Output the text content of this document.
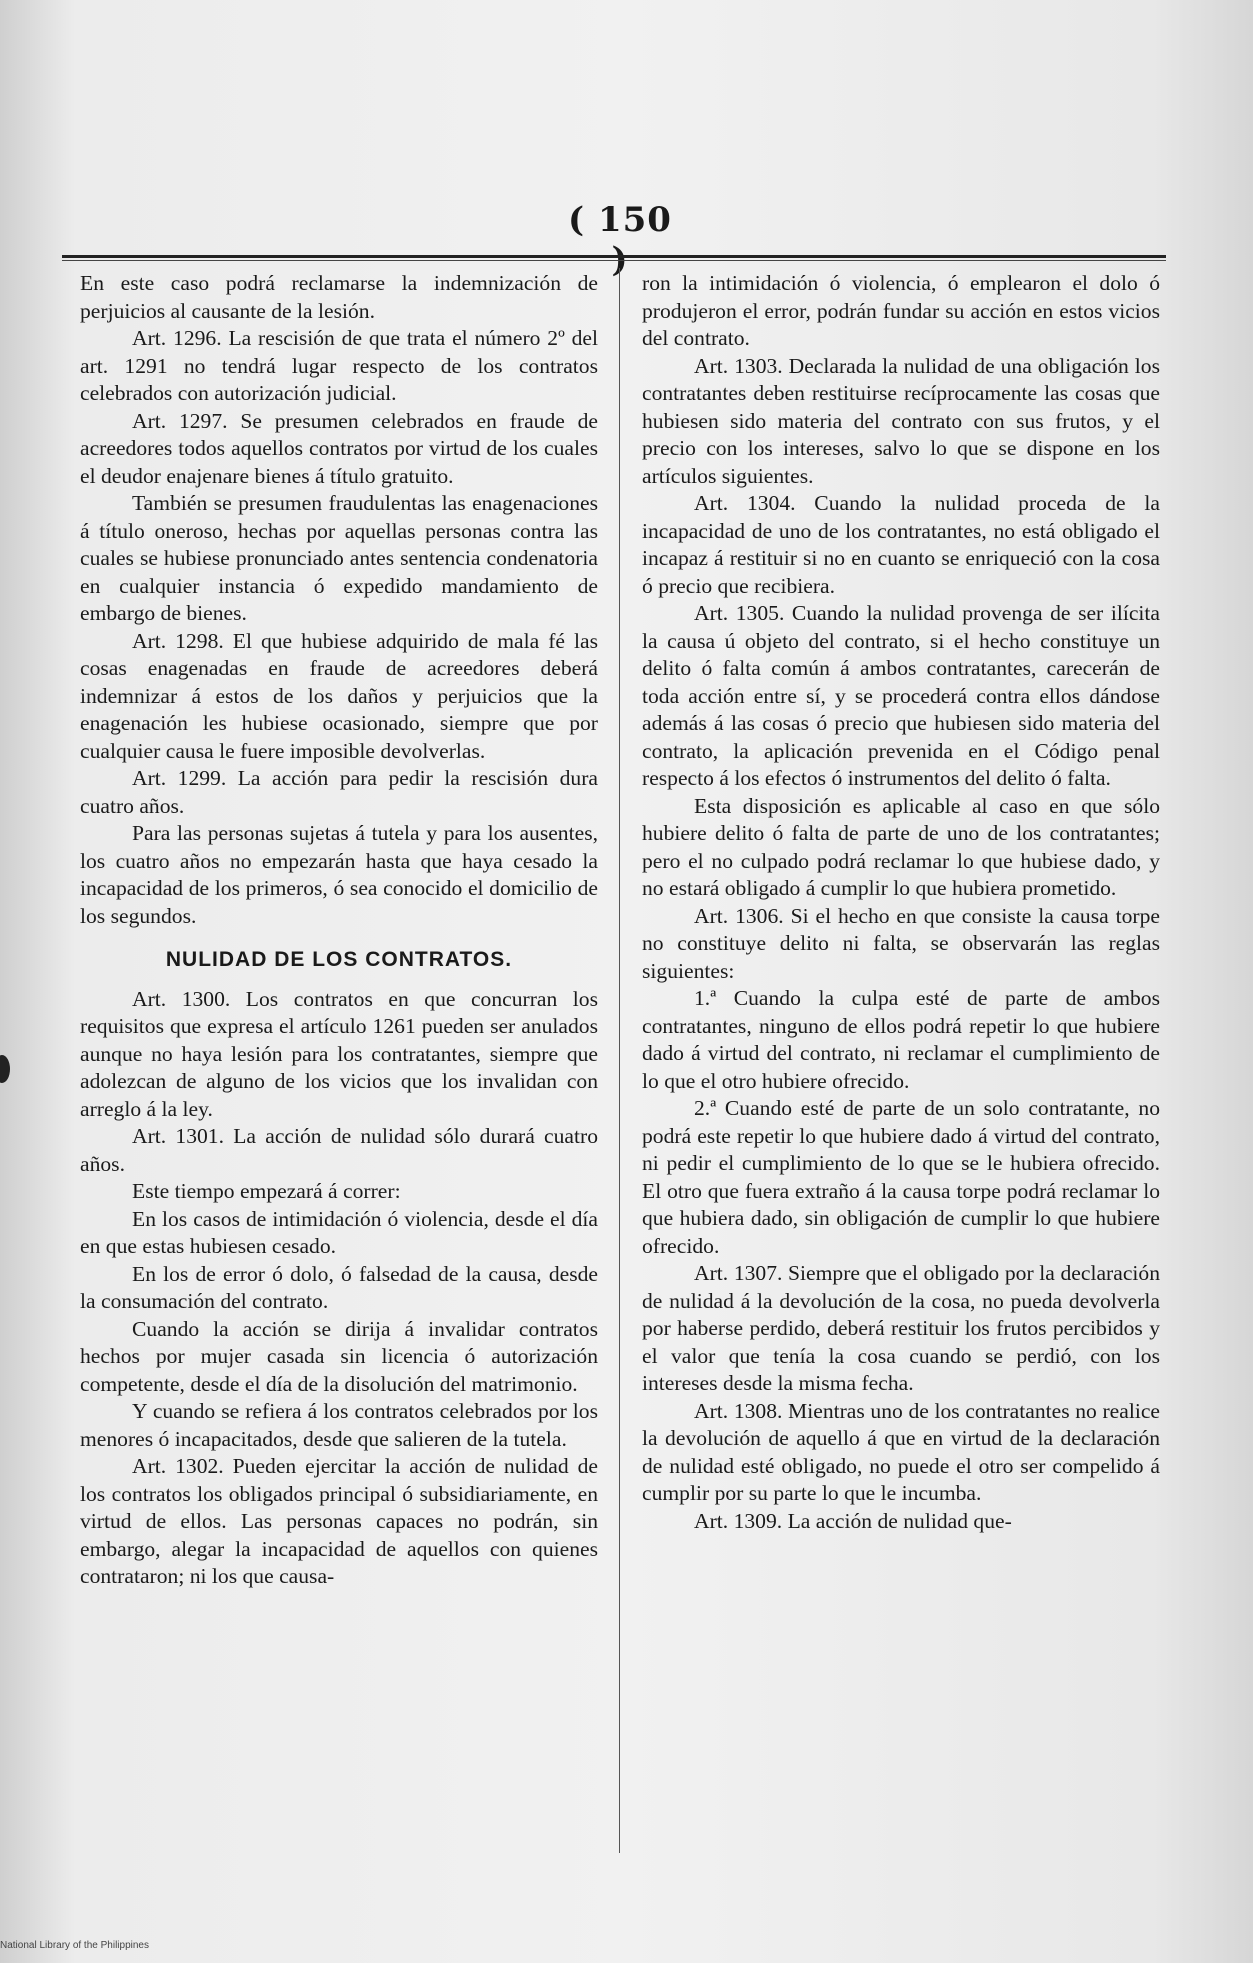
( 150 )

En este caso podrá reclamarse la indemnización de perjuicios al causante de la lesión.

Art. 1296. La rescisión de que trata el número 2º del art. 1291 no tendrá lugar respecto de los contratos celebrados con autorización judicial.

Art. 1297. Se presumen celebrados en fraude de acreedores todos aquellos contratos por virtud de los cuales el deudor enajenare bienes á título gratuito.

También se presumen fraudulentas las enagenaciones á título oneroso, hechas por aquellas personas contra las cuales se hubiese pronunciado antes sentencia condenatoria en cualquier instancia ó expedido mandamiento de embargo de bienes.

Art. 1298. El que hubiese adquirido de mala fé las cosas enagenadas en fraude de acreedores deberá indemnizar á estos de los daños y perjuicios que la enagenación les hubiese ocasionado, siempre que por cualquier causa le fuere imposible devolverlas.

Art. 1299. La acción para pedir la rescisión dura cuatro años.

Para las personas sujetas á tutela y para los ausentes, los cuatro años no empezarán hasta que haya cesado la incapacidad de los primeros, ó sea conocido el domicilio de los segundos.

NULIDAD DE LOS CONTRATOS.

Art. 1300. Los contratos en que concurran los requisitos que expresa el artículo 1261 pueden ser anulados aunque no haya lesión para los contratantes, siempre que adolezcan de alguno de los vicios que los invalidan con arreglo á la ley.

Art. 1301. La acción de nulidad sólo durará cuatro años.

Este tiempo empezará á correr:

En los casos de intimidación ó violencia, desde el día en que estas hubiesen cesado.

En los de error ó dolo, ó falsedad de la causa, desde la consumación del contrato.

Cuando la acción se dirija á invalidar contratos hechos por mujer casada sin licencia ó autorización competente, desde el día de la disolución del matrimonio.

Y cuando se refiera á los contratos celebrados por los menores ó incapacitados, desde que salieren de la tutela.

Art. 1302. Pueden ejercitar la acción de nulidad de los contratos los obligados principal ó subsidiariamente, en virtud de ellos. Las personas capaces no podrán, sin embargo, alegar la incapacidad de aquellos con quienes contrataron; ni los que causa-

ron la intimidación ó violencia, ó emplearon el dolo ó produjeron el error, podrán fundar su acción en estos vicios del contrato.

Art. 1303. Declarada la nulidad de una obligación los contratantes deben restituirse recíprocamente las cosas que hubiesen sido materia del contrato con sus frutos, y el precio con los intereses, salvo lo que se dispone en los artículos siguientes.

Art. 1304. Cuando la nulidad proceda de la incapacidad de uno de los contratantes, no está obligado el incapaz á restituir si no en cuanto se enriqueció con la cosa ó precio que recibiera.

Art. 1305. Cuando la nulidad provenga de ser ilícita la causa ú objeto del contrato, si el hecho constituye un delito ó falta común á ambos contratantes, carecerán de toda acción entre sí, y se procederá contra ellos dándose además á las cosas ó precio que hubiesen sido materia del contrato, la aplicación prevenida en el Código penal respecto á los efectos ó instrumentos del delito ó falta.

Esta disposición es aplicable al caso en que sólo hubiere delito ó falta de parte de uno de los contratantes; pero el no culpado podrá reclamar lo que hubiese dado, y no estará obligado á cumplir lo que hubiera prometido.

Art. 1306. Si el hecho en que consiste la causa torpe no constituye delito ni falta, se observarán las reglas siguientes:

1.ª Cuando la culpa esté de parte de ambos contratantes, ninguno de ellos podrá repetir lo que hubiere dado á virtud del contrato, ni reclamar el cumplimiento de lo que el otro hubiere ofrecido.

2.ª Cuando esté de parte de un solo contratante, no podrá este repetir lo que hubiere dado á virtud del contrato, ni pedir el cumplimiento de lo que se le hubiera ofrecido. El otro que fuera extraño á la causa torpe podrá reclamar lo que hubiera dado, sin obligación de cumplir lo que hubiere ofrecido.

Art. 1307. Siempre que el obligado por la declaración de nulidad á la devolución de la cosa, no pueda devolverla por haberse perdido, deberá restituir los frutos percibidos y el valor que tenía la cosa cuando se perdió, con los intereses desde la misma fecha.

Art. 1308. Mientras uno de los contratantes no realice la devolución de aquello á que en virtud de la declaración de nulidad esté obligado, no puede el otro ser compelido á cumplir por su parte lo que le incumba.

Art. 1309. La acción de nulidad que-

National Library of the Philippines
